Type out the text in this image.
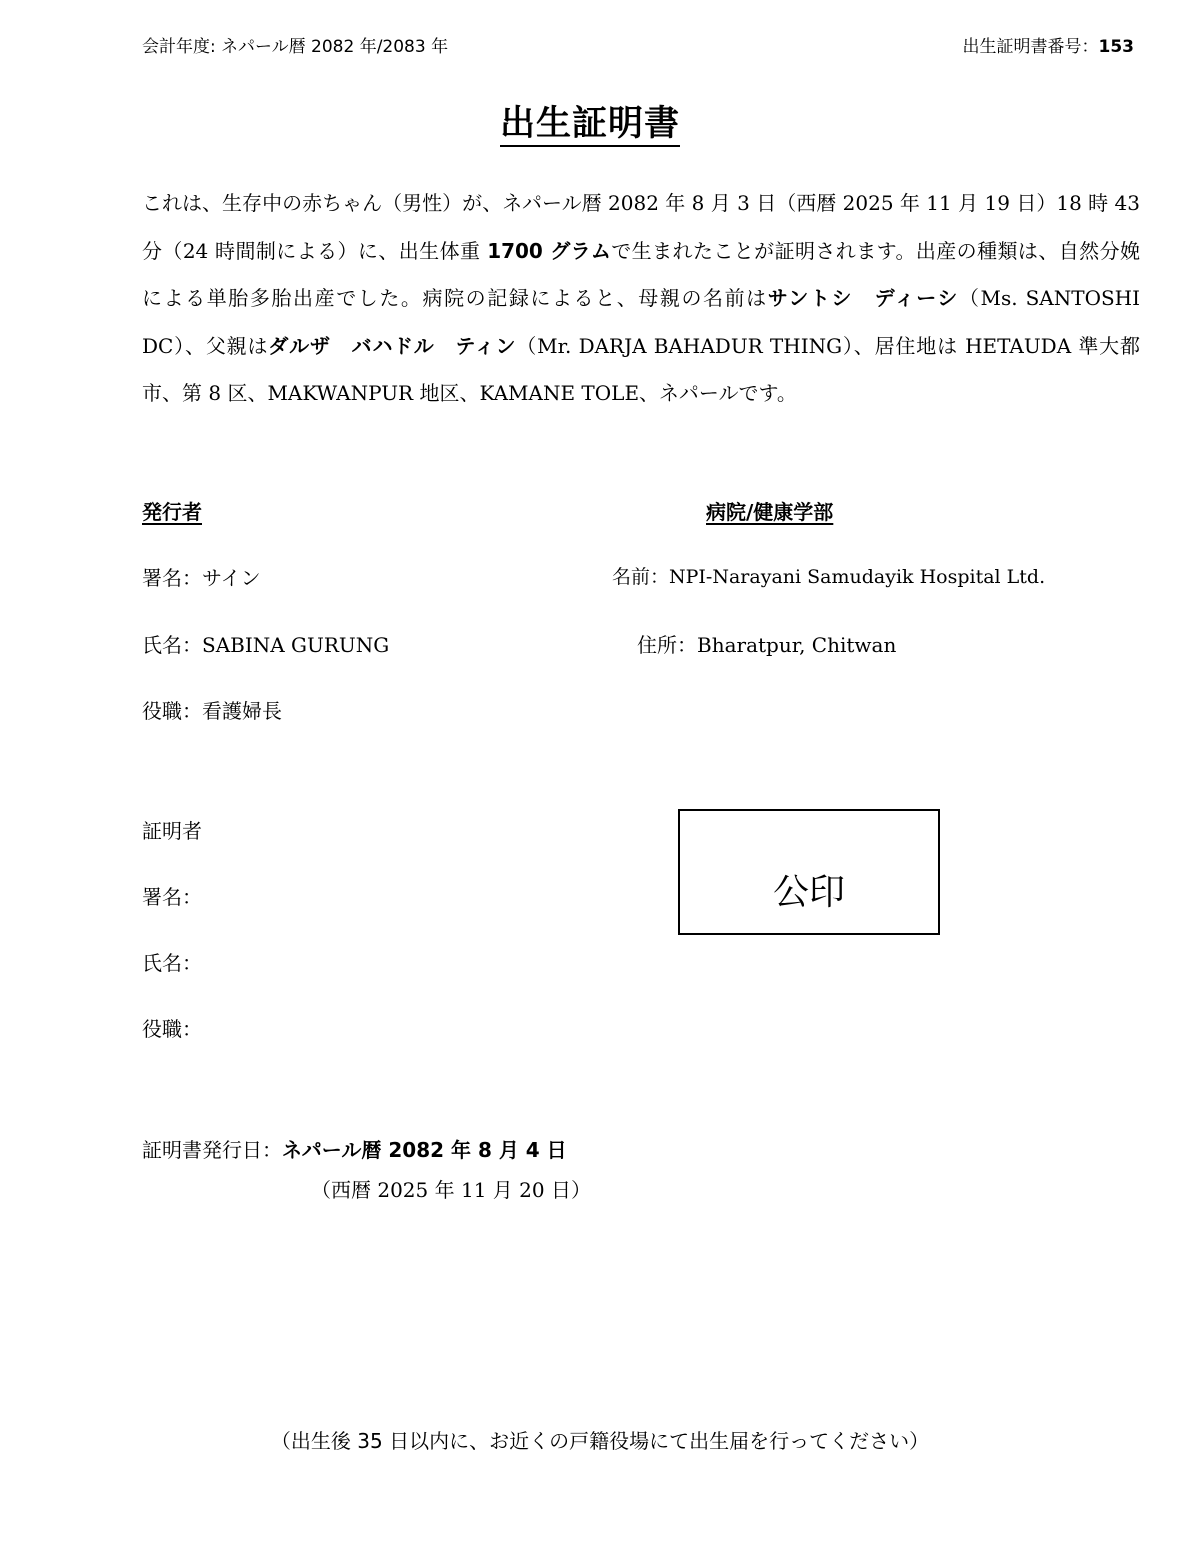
会計年度: ネパール暦 2082 年/2083 年	出生証明書番号：153
出生証明書
これは、生存中の赤ちゃん（男性）が、ネパール暦 2082 年 8 月 3 日（西暦 2025 年 11 月 19 日）18 時 43 分（24 時間制による）に、出生体重 1700 グラムで生まれたことが証明されます。出産の種類は、自然分娩による単胎多胎出産でした。病院の記録によると、母親の名前はサントシ　ディーシ（Ms. SANTOSHI DC）、父親はダルザ　バハドル　ティン（Mr. DARJA BAHADUR THING）、居住地は HETAUDA 準大都市、第 8 区、MAKWANPUR 地区、KAMANE TOLE、ネパールです。
発行者
署名：サイン
氏名：SABINA GURUNG
役職：看護婦長
病院/健康学部
名前：NPI-Narayani Samudayik Hospital Ltd.
住所：Bharatpur, Chitwan
証明者
署名：
氏名：
役職：
公印
証明書発行日：ネパール暦 2082 年 8 月 4 日
（西暦 2025 年 11 月 20 日）
（出生後 35 日以内に、お近くの戸籍役場にて出生届を行ってください）
